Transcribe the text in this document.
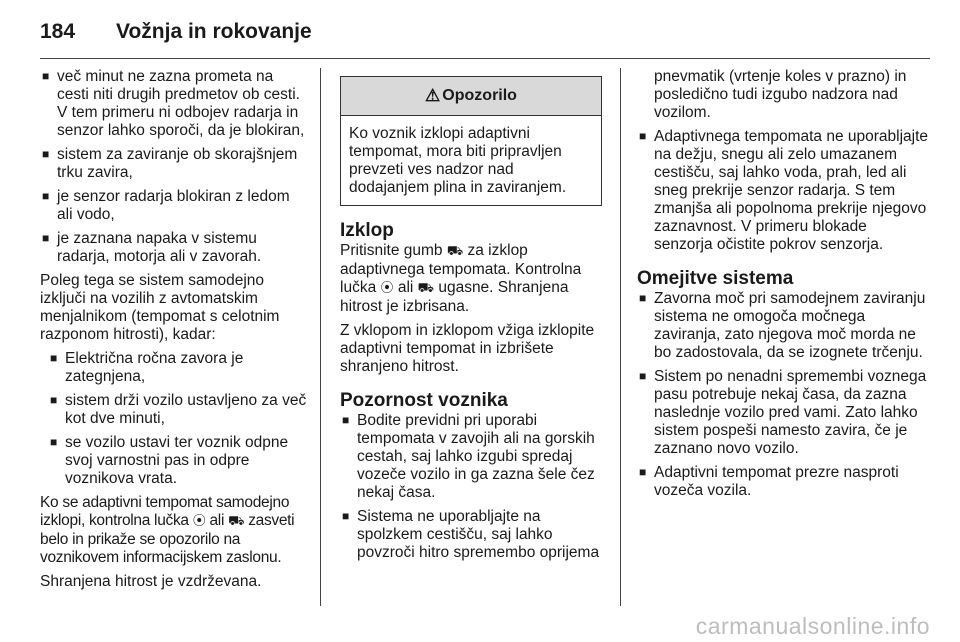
184 Vožnja in rokovanje
■ več minut ne zazna prometa na cesti niti drugih predmetov ob cesti. V tem primeru ni odbojev radarja in senzor lahko sporoči, da je blokiran,
■ sistem za zaviranje ob skorajšnjem trku zavira,
■ je senzor radarja blokiran z ledom ali vodo,
■ je zaznana napaka v sistemu radarja, motorja ali v zavorah.

Poleg tega se sistem samodejno izključi na vozilih z avtomatskim menjalnikom (tempomat s celotnim razponom hitrosti), kadar:

■ Električna ročna zavora je zategnjena,
■ sistem drži vozilo ustavljeno za več kot dve minuti,
■ se vozilo ustavi ter voznik odpne svoj varnostni pas in odpre voznikova vrata.

Ko se adaptivni tempomat samodejno izklopi, kontrolna lučka ⦿ ali ⛟ zasveti belo in prikaže se opozorilo na voznikovem informacijskem zaslonu.

Shranjena hitrost je vzdrževana.

⚠ Opozorilo
Ko voznik izklopi adaptivni tempomat, mora biti pripravljen prevzeti ves nadzor nad dodajanjem plina in zaviranjem.
Izklop

Pritisnite gumb ⛟ za izklop adaptivnega tempomata. Kontrolna lučka ⦿ ali ⛟ ugasne. Shranjena hitrost je izbrisana.

Z vklopom in izklopom vžiga izklopite adaptivni tempomat in izbrišete shranjeno hitrost.

Pozornost voznika
■ Bodite previdni pri uporabi tempomata v zavojih ali na gorskih cestah, saj lahko izgubi spredaj vozeče vozilo in ga zazna šele čez nekaj časa.
■ Sistema ne uporabljajte na spolzkem cestišču, saj lahko povzroči hitro spremembo oprijema

pnevmatik (vrtenje koles v prazno) in posledično tudi izgubo nadzora nad vozilom.

■ Adaptivnega tempomata ne uporabljajte na dežju, snegu ali zelo umazanem cestišču, saj lahko voda, prah, led ali sneg prekrije senzor radarja. S tem zmanjša ali popolnoma prekrije njegovo zaznavnost. V primeru blokade senzorja očistite pokrov senzorja.
Omejitve sistema
■ Zavorna moč pri samodejnem zaviranju sistema ne omogoča močnega zaviranja, zato njegova moč morda ne bo zadostovala, da se izognete trčenju.
■ Sistem po nenadni spremembi voznega pasu potrebuje nekaj časa, da zazna naslednje vozilo pred vami. Zato lahko sistem pospeši namesto zavira, če je zaznano novo vozilo.
■ Adaptivni tempomat prezre nasproti vozeča vozila.
carmanualsonline.info
